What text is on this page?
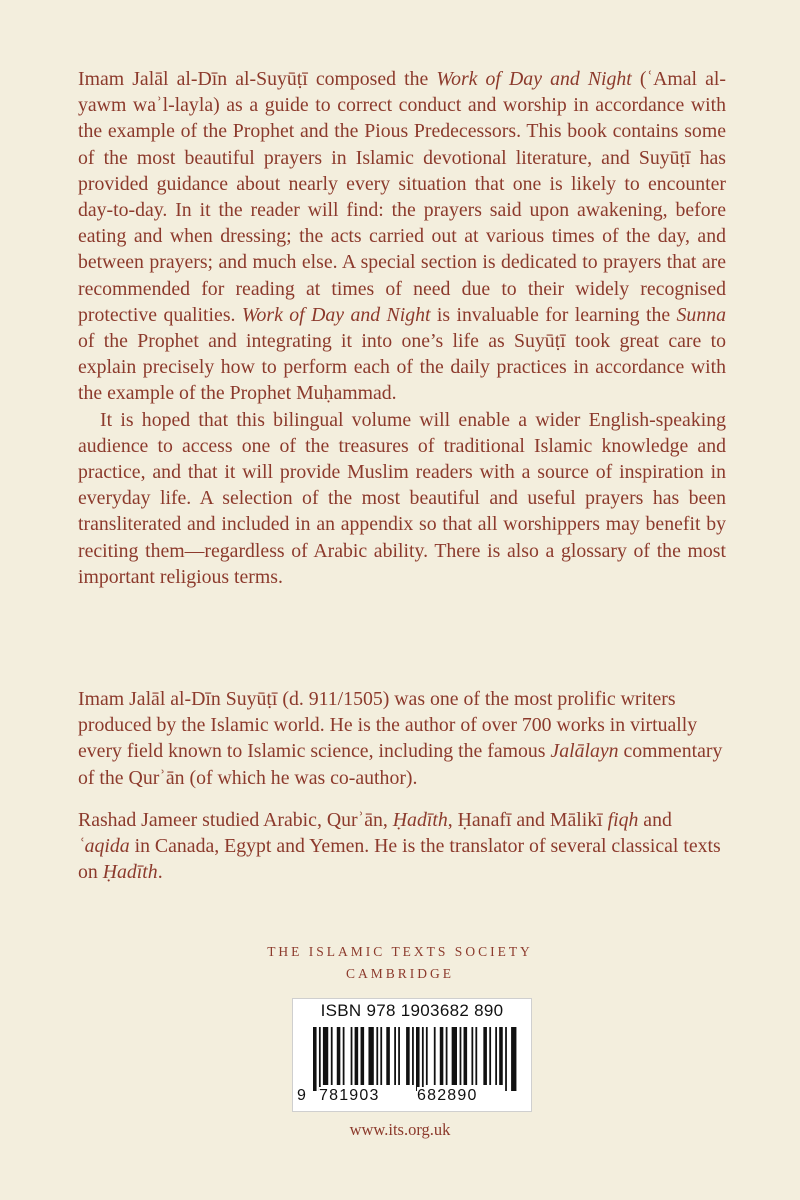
Imam Jalāl al-Dīn al-Suyūṭī composed the Work of Day and Night (ʿAmal al-yawm waʾl-layla) as a guide to correct conduct and worship in accordance with the example of the Prophet and the Pious Predecessors. This book contains some of the most beautiful prayers in Islamic devotional literature, and Suyūṭī has provided guidance about nearly every situation that one is likely to encounter day-to-day. In it the reader will find: the prayers said upon awakening, before eating and when dressing; the acts carried out at various times of the day, and between prayers; and much else. A special section is dedicated to prayers that are recommended for reading at times of need due to their widely recognised protective qualities. Work of Day and Night is invaluable for learning the Sunna of the Prophet and integrating it into one’s life as Suyūṭī took great care to explain precisely how to perform each of the daily practices in accordance with the example of the Prophet Muḥammad.

It is hoped that this bilingual volume will enable a wider English-speaking audience to access one of the treasures of traditional Islamic knowledge and practice, and that it will provide Muslim readers with a source of inspiration in everyday life. A selection of the most beautiful and useful prayers has been transliterated and included in an appendix so that all worshippers may benefit by reciting them—regardless of Arabic ability. There is also a glossary of the most important religious terms.

Imam Jalāl al-Dīn Suyūṭī (d. 911/1505) was one of the most prolific writers produced by the Islamic world. He is the author of over 700 works in virtually every field known to Islamic science, including the famous Jalālayn commentary of the Qurʾān (of which he was co-author).

Rashad Jameer studied Arabic, Qurʾān, Ḥadīth, Ḥanafī and Mālikī fiqh and ʿaqida in Canada, Egypt and Yemen. He is the translator of several classical texts on Ḥadīth.

THE ISLAMIC TEXTS SOCIETY
CAMBRIDGE
ISBN 978 1903682 890
9 781903 682890
www.its.org.uk
